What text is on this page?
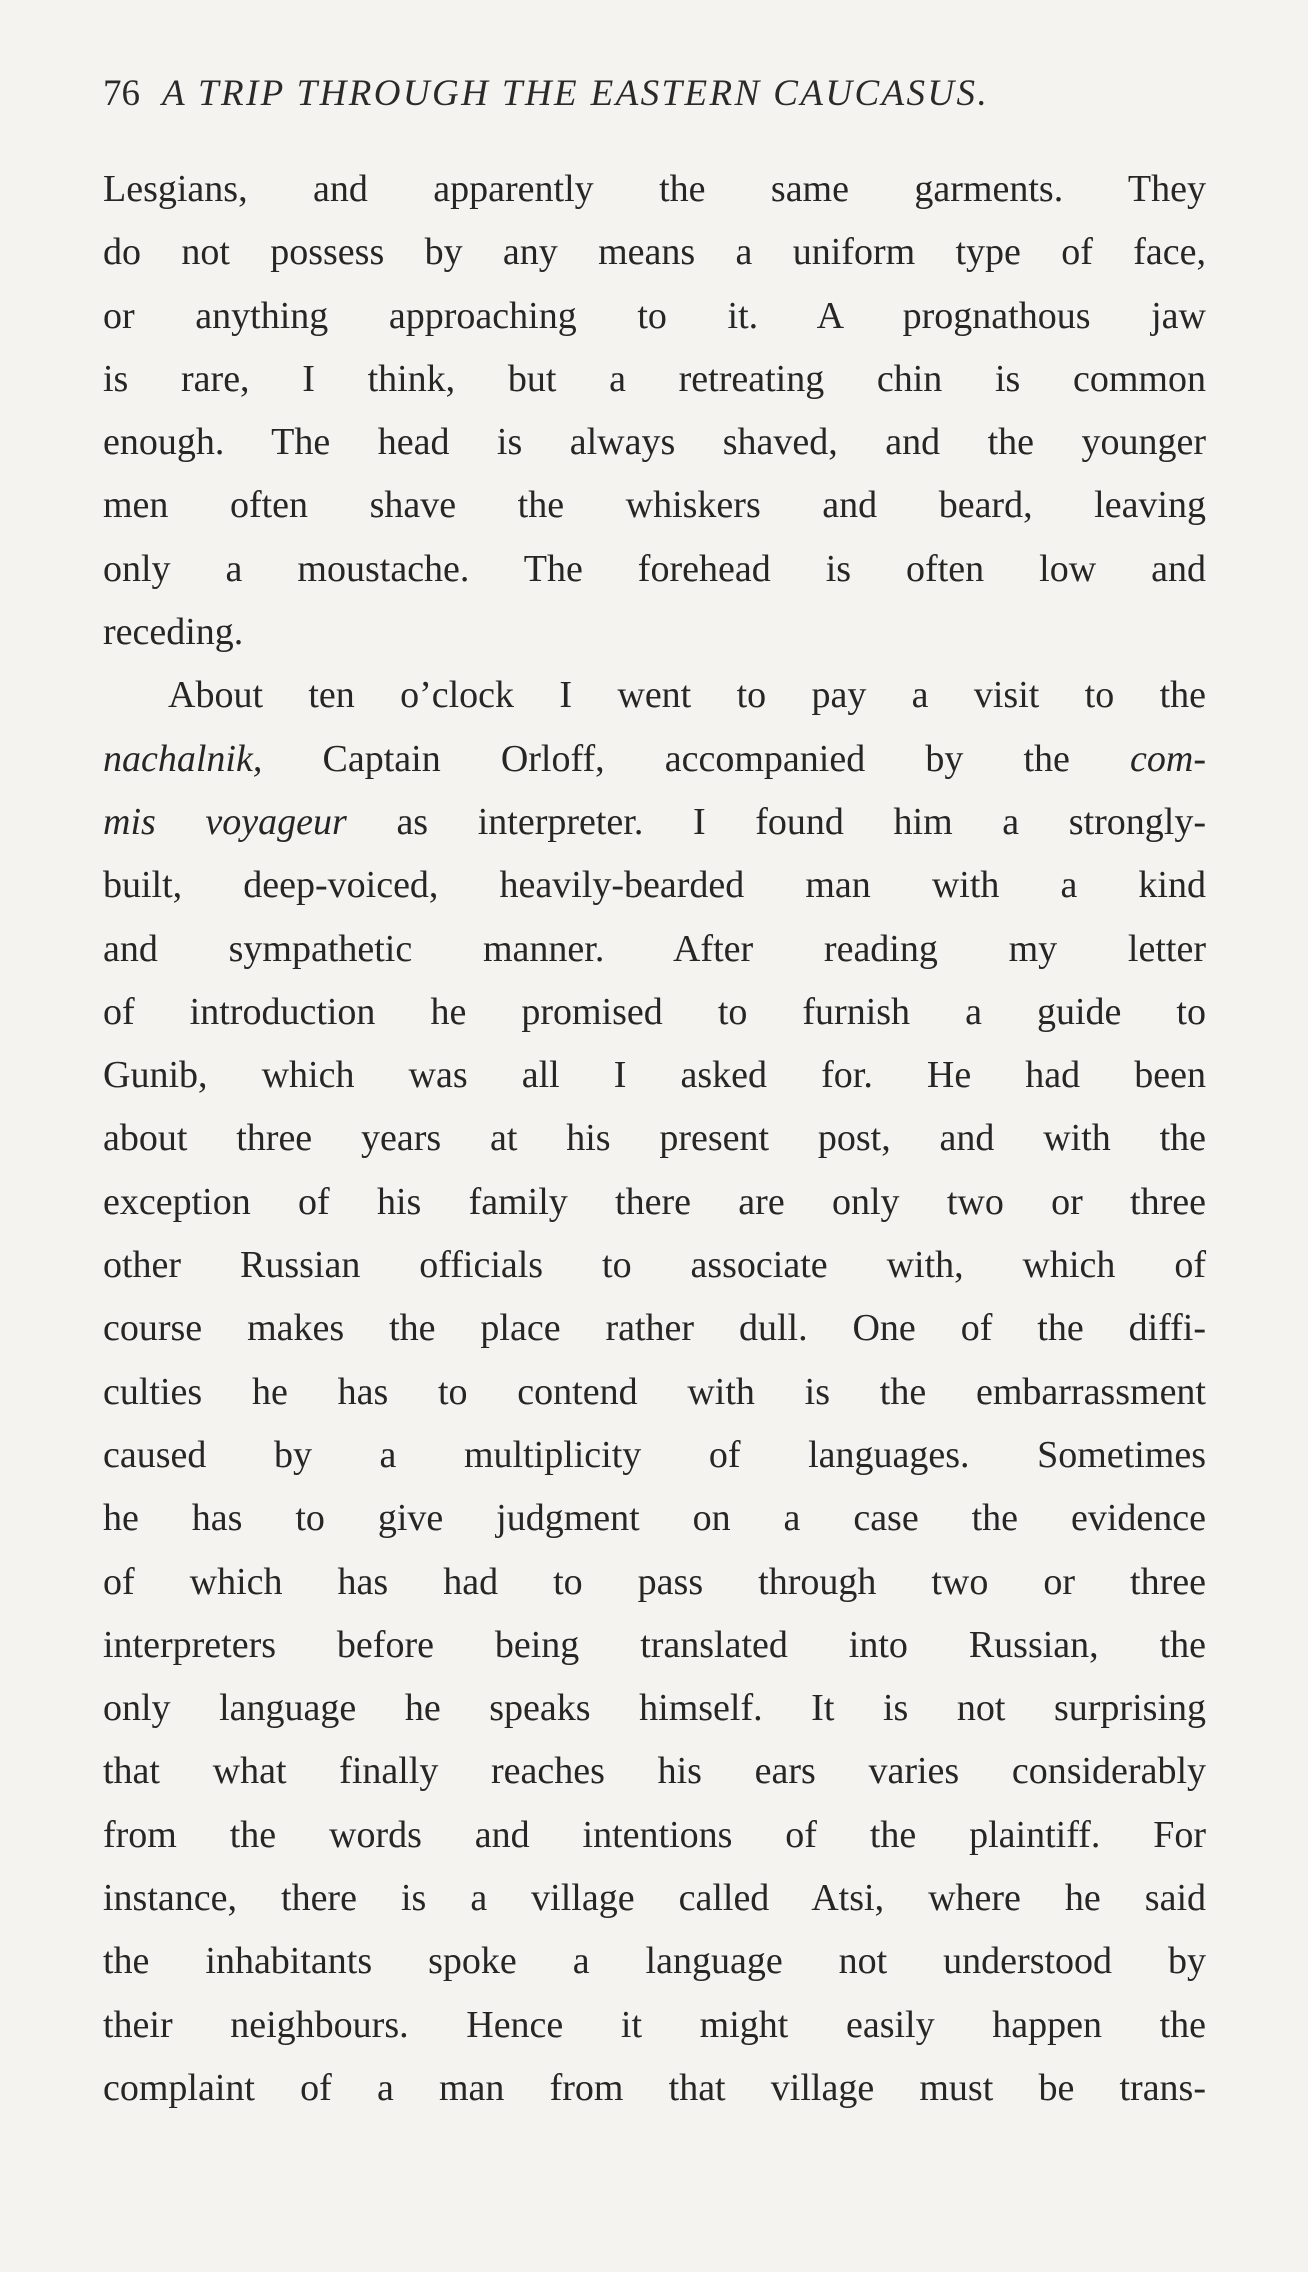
76 A TRIP THROUGH THE EASTERN CAUCASUS.
Lesgians, and apparently the same garments. They
do not possess by any means a uniform type of face,
or anything approaching to it. A prognathous jaw
is rare, I think, but a retreating chin is common
enough. The head is always shaved, and the younger
men often shave the whiskers and beard, leaving
only a moustache. The forehead is often low and
receding.
About ten o’clock I went to pay a visit to the
nachalnik, Captain Orloff, accompanied by the com-
mis voyageur as interpreter. I found him a strongly-
built, deep-voiced, heavily-bearded man with a kind
and sympathetic manner. After reading my letter
of introduction he promised to furnish a guide to
Gunib, which was all I asked for. He had been
about three years at his present post, and with the
exception of his family there are only two or three
other Russian officials to associate with, which of
course makes the place rather dull. One of the diffi-
culties he has to contend with is the embarrassment
caused by a multiplicity of languages. Sometimes
he has to give judgment on a case the evidence
of which has had to pass through two or three
interpreters before being translated into Russian, the
only language he speaks himself. It is not surprising
that what finally reaches his ears varies considerably
from the words and intentions of the plaintiff. For
instance, there is a village called Atsi, where he said
the inhabitants spoke a language not understood by
their neighbours. Hence it might easily happen the
complaint of a man from that village must be trans-
